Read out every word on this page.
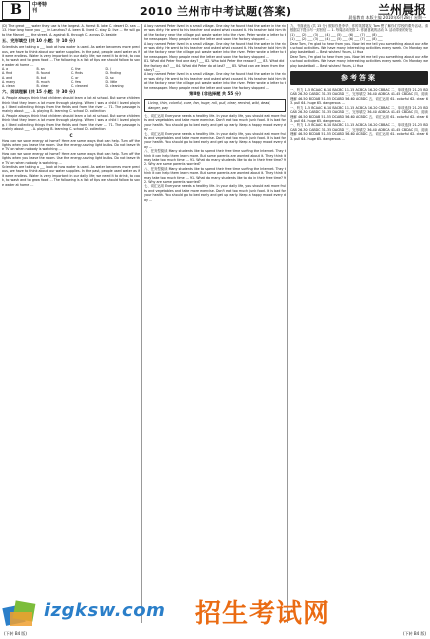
B	中考特刊	2010 兰州市中考试题(答案)	兰州晨报
晨报教育 本版主编 2010年6月28日 星期一
(D) The great ___ water they use is the largest. A. forest B. lake C. desert D. sea ... 13. How long have you ___ in Lanzhou? A. been B. lived C. stay D. live ... He will go to the Marvel ___ the street. A. against B. through C. across D. beside
五、完形填空 (共 10 小题；计 10 分)
Scientists are taking a ___ look at how water is used. As water becomes more precious, we have to think about our water supplies. In the past, people used water as if it were endless. Water is very important in our daily life; we need it to drink, to cook, to wash and to grow food ... The following is a list of tips we should follow to save water at home ...
A. a	B. an	C. the	D. /
A. find	B. found	C. finds	D. finding
A. and	B. but	C. or	D. so
A. many	B. much	C. few	D. little
A. clean	B. clear	C. cleaned	D. cleaning
六、阅读理解 (共 15 小题；计 30 分)
A. People always think that children should learn a lot at school. But some children think that they learn a lot more through playing. When I was a child I loved playing. I liked collecting things from the fields and from the river ... 71. The passage is mainly about ___ . A. playing B. learning C. school D. collection
A. People always think that children should learn a lot at school. But some children think that they learn a lot more through playing. When I was a child I loved playing. I liked collecting things from the fields and from the river ... 71. The passage is mainly about ___ . A. playing B. learning C. school D. collection
C
How can we save energy at home? Here are some ways that can help. Turn off the lights when you leave the room. Use the energy-saving light bulbs. Do not leave the TV on when nobody is watching ...
How can we save energy at home? Here are some ways that can help. Turn off the lights when you leave the room. Use the energy-saving light bulbs. Do not leave the TV on when nobody is watching ...
Scientists are taking a ___ look at how water is used. As water becomes more precious, we have to think about our water supplies. In the past, people used water as if it were endless. Water is very important in our daily life; we need it to drink, to cook, to wash and to grow food ... The following is a list of tips we should follow to save water at home ...
A boy named Peter lived in a small village. One day he found that the water in the river was dirty. He went to his teacher and asked what caused it. His teacher told him that the factory near the village put waste water into the river. Peter wrote a letter to the newspaper. Many people read the letter and soon the factory stopped ...
A boy named Peter lived in a small village. One day he found that the water in the river was dirty. He went to his teacher and asked what caused it. His teacher told him that the factory near the village put waste water into the river. Peter wrote a letter to the newspaper. Many people read the letter and soon the factory stopped ...
81. What did Peter find one day? ___ 82. Who told Peter the reason? ___ 83. What did the factory do? ___ 84. What did Peter do at last? ___ 85. What can we learn from the story? ___
A boy named Peter lived in a small village. One day he found that the water in the river was dirty. He went to his teacher and asked what caused it. His teacher told him that the factory near the village put waste water into the river. Peter wrote a letter to the newspaper. Many people read the letter and soon the factory stopped ...
第Ⅱ卷 (非选择题 共 55 分)
Living, thin, colorful, cure, fan, huge, roll, pull, clear, remind, wild, dead, danger, pay
七、词汇运用 Everyone needs a healthy life. In your daily life, you should eat more fruits and vegetables and take more exercise. Don't eat too much junk food. It is bad for your health. You should go to bed early and get up early. Keep a happy mood every day ...
七、词汇运用 Everyone needs a healthy life. In your daily life, you should eat more fruits and vegetables and take more exercise. Don't eat too much junk food. It is bad for your health. You should go to bed early and get up early. Keep a happy mood every day ...
八、任务型阅读 Many students like to spend their free time surfing the Internet. They think it can help them learn more. But some parents are worried about it. They think it may take too much time ... 91. What do many students like to do in their free time? 92. Why are some parents worried?
八、任务型阅读 Many students like to spend their free time surfing the Internet. They think it can help them learn more. But some parents are worried about it. They think it may take too much time ... 91. What do many students like to do in their free time? 92. Why are some parents worried?
七、词汇运用 Everyone needs a healthy life. In your daily life, you should eat more fruits and vegetables and take more exercise. Don't eat too much junk food. It is bad for your health. You should go to bed early and get up early. Keep a happy mood every day ...
九、书面表达 (共 15 分) 假如你是李华，你的英国笔友 Tom 想了解你们学校的课外活动。请根据以下提示写一封回信 ... 1. 每周活动安排 2. 你最喜欢的活动 3. 活动带来的好处
(1) ___ (2) ___ (3) ___ (4) ___ (5) ___ (6) ___ (7) ___ (8) ___
(1) ___ (2) ___ (3) ___ (4) ___ (5) ___ (6) ___ (7) ___ (8) ___
Dear Tom, I'm glad to hear from you. Now let me tell you something about our after-school activities. We have many interesting activities every week. On Monday we play basketball ... Best wishes! Yours, Li Hua
Dear Tom, I'm glad to hear from you. Now let me tell you something about our after-school activities. We have many interesting activities every week. On Monday we play basketball ... Best wishes! Yours, Li Hua
参考答案
一、听力 1-5 BCAAC 6-10 BACBC 11-15 ACBCA 16-20 CBBAC 二、单项选择 21-25 BDCAB 26-30 CABDC 31-35 DACBD 三、完形填空 36-40 ADBCA 41-45 CBDAC 四、阅读理解 46-50 BCDAB 51-55 DCABD 56-60 ACBDC 五、词汇运用 61. colorful 62. clear 63. pull 64. huge 65. dangerous ...
一、听力 1-5 BCAAC 6-10 BACBC 11-15 ACBCA 16-20 CBBAC 二、单项选择 21-25 BDCAB 26-30 CABDC 31-35 DACBD 三、完形填空 36-40 ADBCA 41-45 CBDAC 四、阅读理解 46-50 BCDAB 51-55 DCABD 56-60 ACBDC 五、词汇运用 61. colorful 62. clear 63. pull 64. huge 65. dangerous ...
一、听力 1-5 BCAAC 6-10 BACBC 11-15 ACBCA 16-20 CBBAC 二、单项选择 21-25 BDCAB 26-30 CABDC 31-35 DACBD 三、完形填空 36-40 ADBCA 41-45 CBDAC 四、阅读理解 46-50 BCDAB 51-55 DCABD 56-60 ACBDC 五、词汇运用 61. colorful 62. clear 63. pull 64. huge 65. dangerous ...
izgksw.com 招生考试网
(下转 B4 版)	(下转 B4 版)
